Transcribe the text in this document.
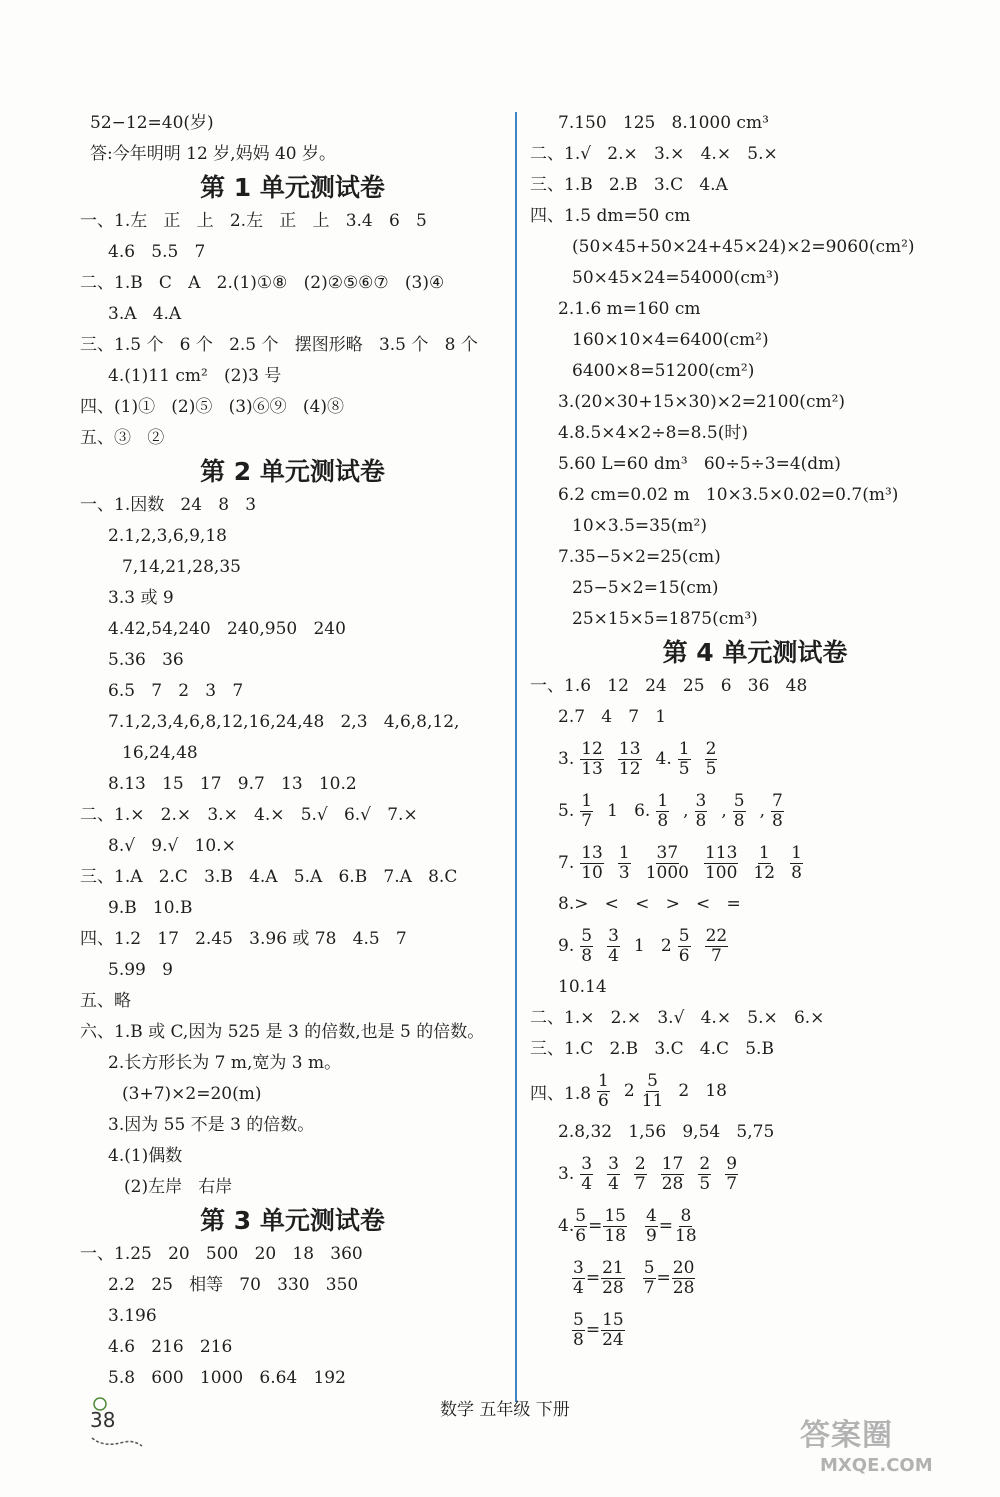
52−12=40(岁)
答:今年明明 12 岁,妈妈 40 岁。
第 1 单元测试卷
一、1.左   正   上   2.左   正   上   3.4   6   5
4.6   5.5   7
二、1.B   C   A   2.(1)①⑧   (2)②⑤⑥⑦   (3)④
3.A   4.A
三、1.5 个   6 个   2.5 个   摆图形略   3.5 个   8 个
4.(1)11 cm²   (2)3 号
四、(1)①   (2)⑤   (3)⑥⑨   (4)⑧
五、③   ②
第 2 单元测试卷
一、1.因数   24   8   3
2.1,2,3,6,9,18
7,14,21,28,35
3.3 或 9
4.42,54,240   240,950   240
5.36   36
6.5   7   2   3   7
7.1,2,3,4,6,8,12,16,24,48   2,3   4,6,8,12,
16,24,48
8.13   15   17   9.7   13   10.2
二、1.×   2.×   3.×   4.×   5.√   6.√   7.×
8.√   9.√   10.×
三、1.A   2.C   3.B   4.A   5.A   6.B   7.A   8.C
9.B   10.B
四、1.2   17   2.45   3.96 或 78   4.5   7
5.99   9
五、略
六、1.B 或 C,因为 525 是 3 的倍数,也是 5 的倍数。
2.长方形长为 7 m,宽为 3 m。
(3+7)×2=20(m)
3.因为 55 不是 3 的倍数。
4.(1)偶数
(2)左岸   右岸
第 3 单元测试卷
一、1.25   20   500   20   18   360
2.2   25   相等   70   330   350
3.196
4.6   216   216
5.8   600   1000   6.64   192
7.150   125   8.1000 cm³
二、1.√   2.×   3.×   4.×   5.×
三、1.B   2.B   3.C   4.A
四、1.5 dm=50 cm
(50×45+50×24+45×24)×2=9060(cm²)
50×45×24=54000(cm³)
2.1.6 m=160 cm
160×10×4=6400(cm²)
6400×8=51200(cm²)
3.(20×30+15×30)×2=2100(cm²)
4.8.5×4×2÷8=8.5(时)
5.60 L=60 dm³   60÷5÷3=4(dm)
6.2 cm=0.02 m   10×3.5×0.02=0.7(m³)
10×3.5=35(m²)
7.35−5×2=25(cm)
25−5×2=15(cm)
25×15×5=1875(cm³)
第 4 单元测试卷
一、1.6   12   24   25   6   36   48
2.7   4   7   1
3. $\frac{12}{13} \frac{13}{12} 4$. $\frac{1}{5} \frac{2}{5}$
5. $\frac{1}{7} 1$   6. $\frac{1}{8}$ , $\frac{3}{8}$ , $\frac{5}{8}$ , $\frac{7}{8}$
7. $\frac{13}{10} \frac{1}{3} \frac{37}{1000} \frac{113}{100} \frac{1}{12} \frac{1}{8}$
8.>   <   <   >   <   =
9. $\frac{5}{8} \frac{3}{4} 1$   $2 \frac{5}{6} \frac{22}{7}$
10.14
二、1.×   2.×   3.√   4.×   5.×   6.×
三、1.C   2.B   3.C   4.C   5.B
四、$1.8 \frac{1}{6} 2 \frac{5}{11} 2$   18
2.8,32   1,56   9,54   5,75
3. $\frac{3}{4} \frac{3}{4} \frac{2}{7} \frac{17}{28} \frac{2}{5} \frac{9}{7}$
4. $\frac{5}{6} = \frac{15}{18} \frac{4}{9} = \frac{8}{18}$
$\frac{3}{4} = \frac{21}{28} \frac{5}{7} = \frac{20}{28}$
$\frac{5}{8} = \frac{15}{24}$
38	数学 五年级 下册
答案圈
MXQE.COM
